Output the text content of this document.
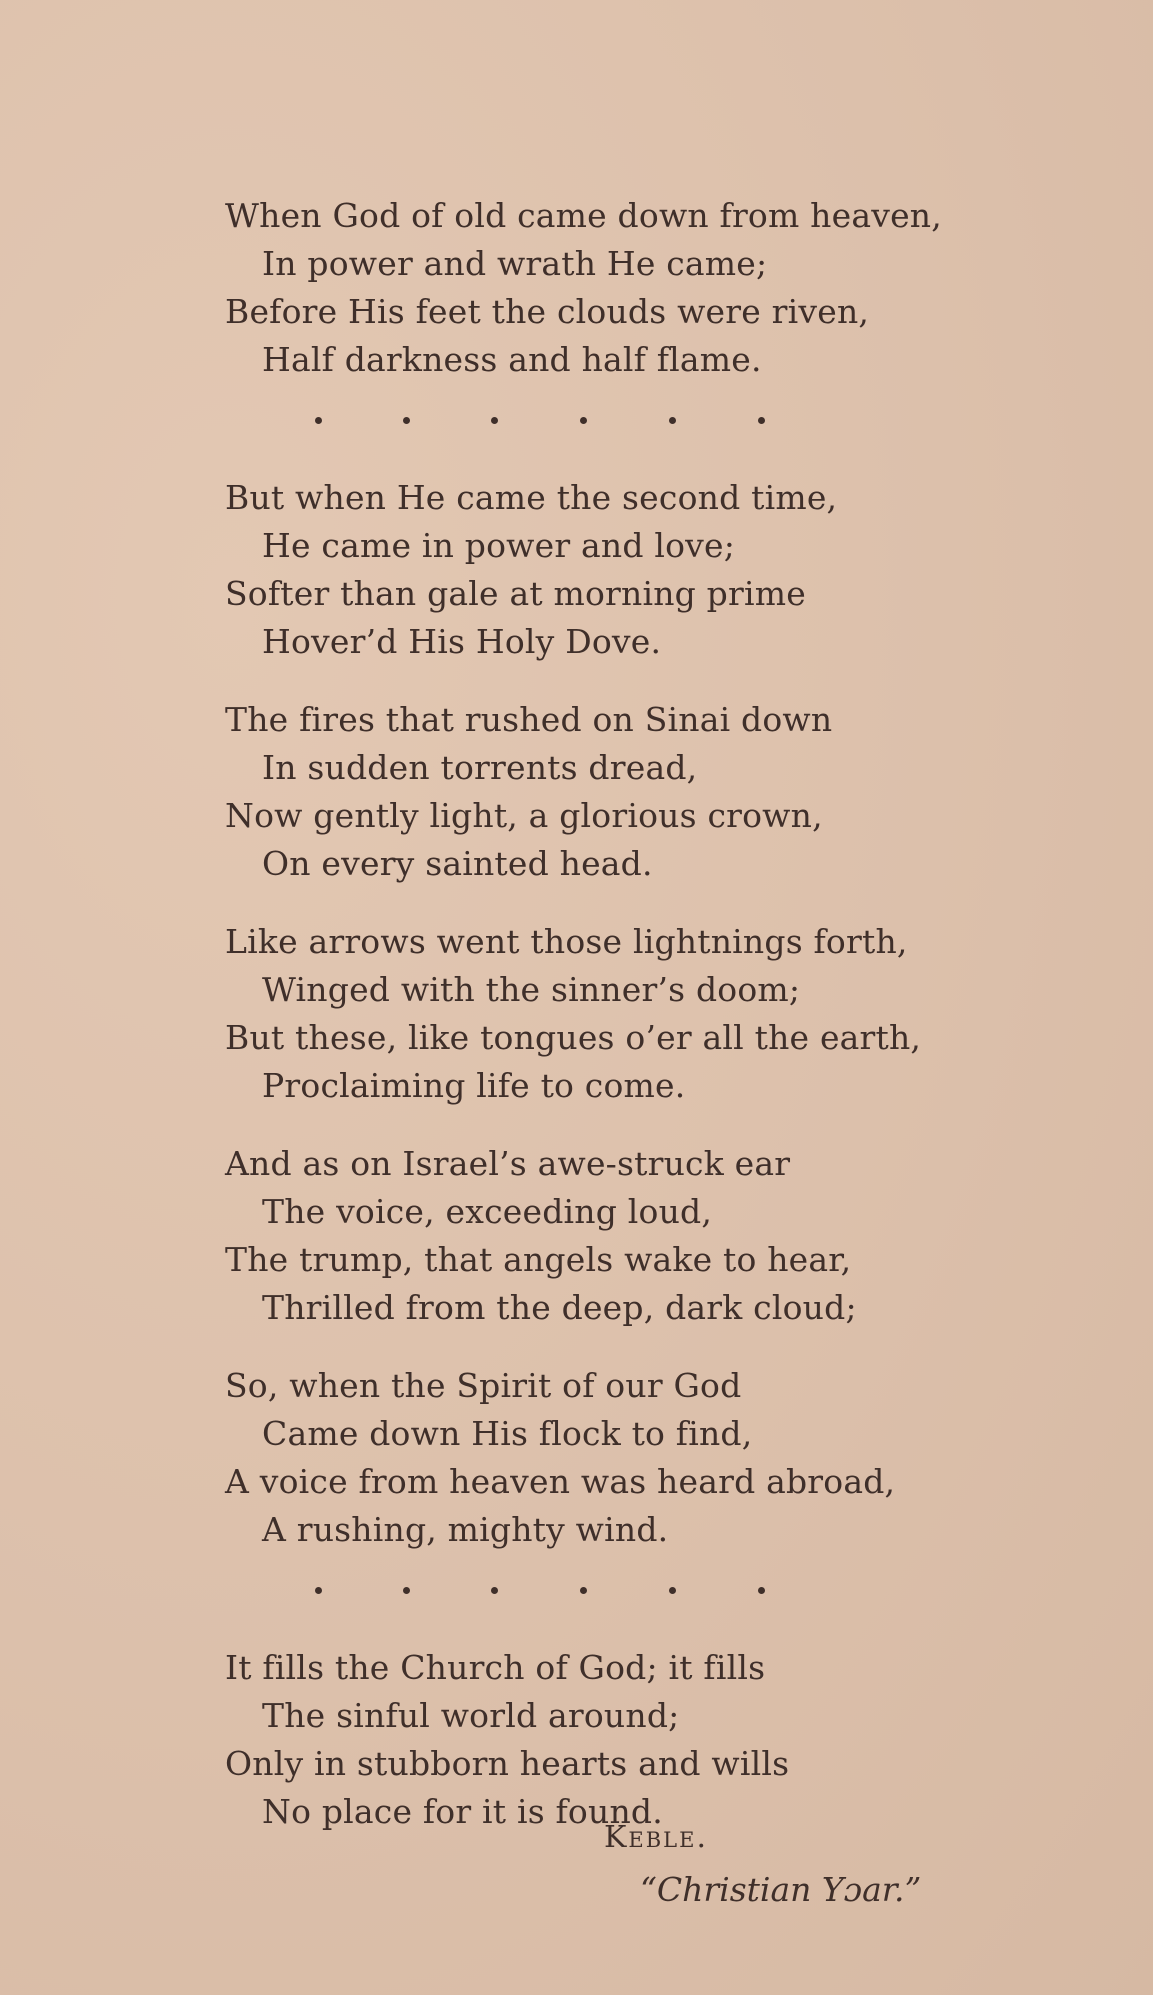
When God of old came down from heaven,
In power and wrath He came;
Before His feet the clouds were riven,
Half darkness and half flame.
But when He came the second time,
He came in power and love;
Softer than gale at morning prime
Hover’d His Holy Dove.
The fires that rushed on Sinai down
In sudden torrents dread,
Now gently light, a glorious crown,
On every sainted head.
Like arrows went those lightnings forth,
Winged with the sinner’s doom;
But these, like tongues o’er all the earth,
Proclaiming life to come.
And as on Israel’s awe-struck ear
The voice, exceeding loud,
The trump, that angels wake to hear,
Thrilled from the deep, dark cloud;
So, when the Spirit of our God
Came down His flock to find,
A voice from heaven was heard abroad,
A rushing, mighty wind.
It fills the Church of God; it fills
The sinful world around;
Only in stubborn hearts and wills
No place for it is found.
Keble.
“Christian Yɔar.”
